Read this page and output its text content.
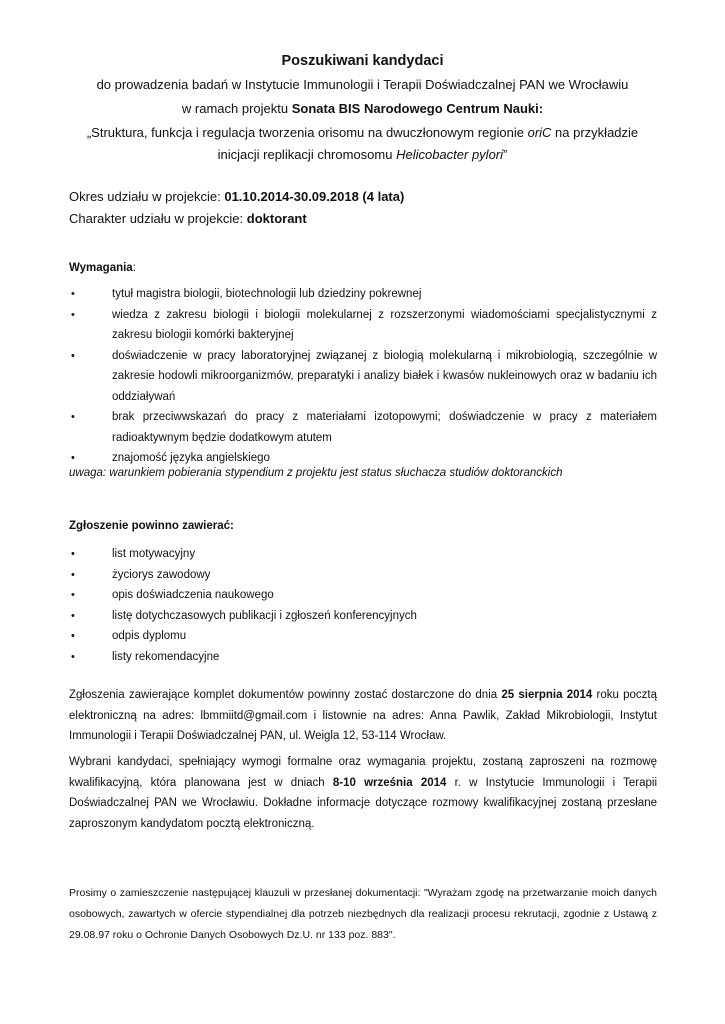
Poszukiwani kandydaci
do prowadzenia badań w Instytucie Immunologii i Terapii Doświadczalnej PAN we Wrocławiu
w ramach projektu Sonata BIS Narodowego Centrum Nauki:
„Struktura, funkcja i regulacja tworzenia orisomu na dwuczłonowym regionie oriC na przykładzie
inicjacji replikacji chromosomu Helicobacter pylori”
Okres udziału w projekcie: 01.10.2014-30.09.2018 (4 lata)
Charakter udziału w projekcie: doktorant
Wymagania:
• tytuł magistra biologii, biotechnologii lub dziedziny pokrewnej
• wiedza z zakresu biologii i biologii molekularnej z rozszerzonymi wiadomościami specjalistycznymi z zakresu biologii komórki bakteryjnej
• doświadczenie w pracy laboratoryjnej związanej z biologią molekularną i mikrobiologią, szczególnie w zakresie hodowli mikroorganizmów, preparatyki i analizy białek i kwasów nukleinowych oraz w badaniu ich oddziaływań
• brak przeciwwskazań do pracy z materiałami izotopowymi; doświadczenie w pracy z materiałem radioaktywnym będzie dodatkowym atutem
• znajomość języka angielskiego
uwaga: warunkiem pobierania stypendium z projektu jest status słuchacza studiów doktoranckich
Zgłoszenie powinno zawierać:
• list motywacyjny
• życiorys zawodowy
• opis doświadczenia naukowego
• listę dotychczasowych publikacji i zgłoszeń konferencyjnych
• odpis dyplomu
• listy rekomendacyjne

Zgłoszenia zawierające komplet dokumentów powinny zostać dostarczone do dnia 25 sierpnia 2014 roku pocztą elektroniczną na adres: lbmmiitd@gmail.com i listownie na adres: Anna Pawlik, Zakład Mikrobiologii, Instytut Immunologii i Terapii Doświadczalnej PAN, ul. Weigla 12, 53-114 Wrocław.

Wybrani kandydaci, spełniający wymogi formalne oraz wymagania projektu, zostaną zaproszeni na rozmowę kwalifikacyjną, która planowana jest w dniach 8-10 września 2014 r. w Instytucie Immunologii i Terapii Doświadczalnej PAN we Wrocławiu. Dokładne informacje dotyczące rozmowy kwalifikacyjnej zostaną przesłane zaproszonym kandydatom pocztą elektroniczną.

Prosimy o zamieszczenie następującej klauzuli w przesłanej dokumentacji: "Wyrażam zgodę na przetwarzanie moich danych osobowych, zawartych w ofercie stypendialnej dla potrzeb niezbędnych dla realizacji procesu rekrutacji, zgodnie z Ustawą z 29.08.97 roku o Ochronie Danych Osobowych Dz.U. nr 133 poz. 883".
